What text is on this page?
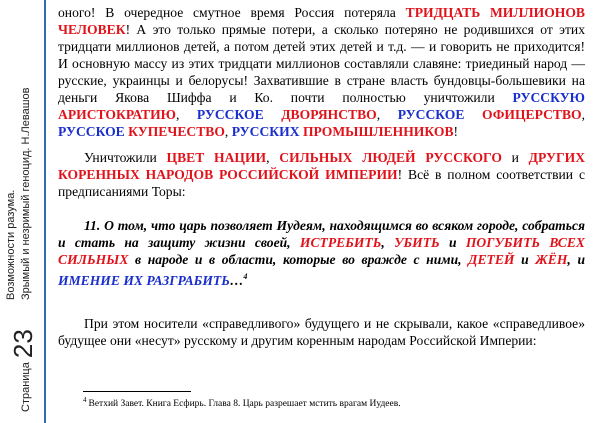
Возможности разума. Зрымый и незримый геноцид. Н.Левашов
Страница23

оного! В очередное смутное время Россия потеряла ТРИДЦАТЬ МИЛЛИОНОВ ЧЕЛОВЕК! А это только прямые потери, а сколько потеряно не родившихся от этих тридцати миллионов детей, а потом детей этих детей и т.д. — и говорить не приходится! И основную массу из этих тридцати миллионов составляли славяне: триединый народ — русские, украинцы и белорусы! Захватившие в стране власть бундовцы-большевики на деньги Якова Шиффа и Ко. почти полностью уничтожили РУССКУЮ АРИСТОКРАТИЮ, РУССКОЕ ДВОРЯНСТВО, РУССКОЕ ОФИЦЕРСТВО, РУССКОЕ КУПЕЧЕСТВО, РУССКИХ ПРОМЫШЛЕННИКОВ!

Уничтожили ЦВЕТ НАЦИИ, СИЛЬНЫХ ЛЮДЕЙ РУССКОГО и ДРУГИХ КОРЕННЫХ НАРОДОВ РОССИЙСКОЙ ИМПЕРИИ! Всё в полном соответствии с предписаниями Торы:

11. О том, что царь позволяет Иудеям, находящимся во всяком городе, собраться и стать на защиту жизни своей, ИСТРЕБИТЬ, УБИТЬ и ПОГУБИТЬ ВСЕХ СИЛЬНЫХ в народе и в области, которые во вражде с ними, ДЕТЕЙ и ЖЁН, и ИМЕНИЕ ИХ РАЗГРАБИТЬ…$^4$

При этом носители «справедливого» будущего и не скрывали, какое «справедливое» будущее они «несут» русскому и другим коренным народам Российской Империи:

$^4$ Ветхий Завет. Книга Есфирь. Глава 8. Царь разрешает мстить врагам Иудеев.
